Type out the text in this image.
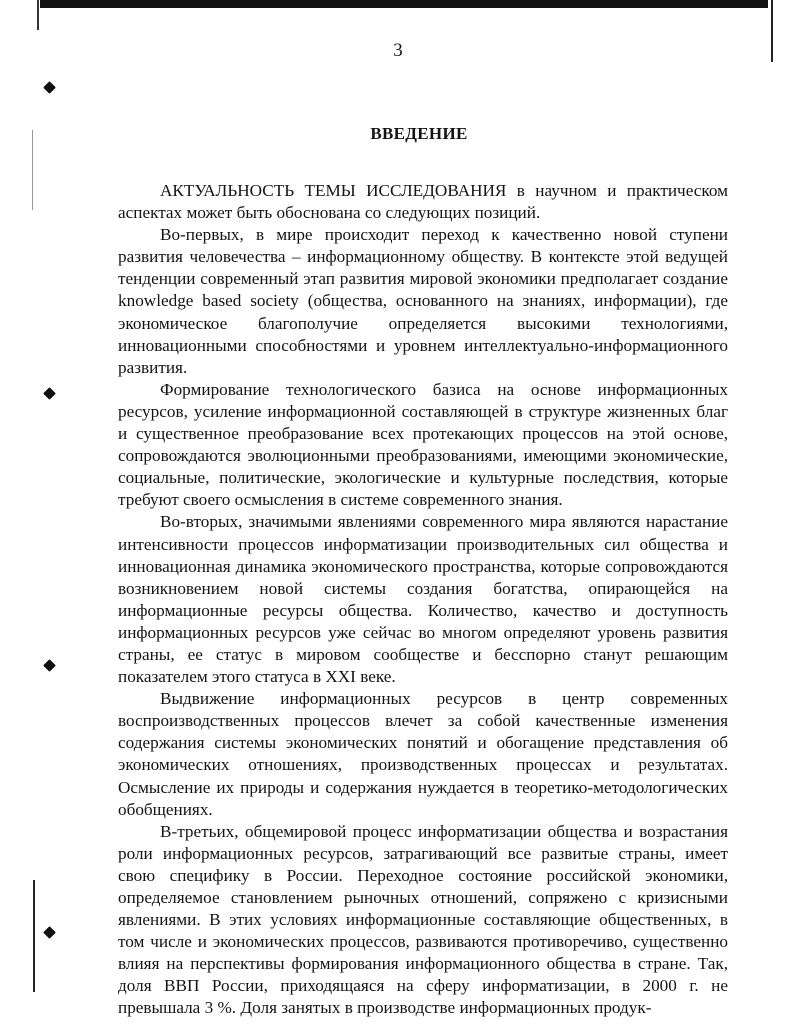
3
ВВЕДЕНИЕ

АКТУАЛЬНОСТЬ ТЕМЫ ИССЛЕДОВАНИЯ в научном и практическом аспектах может быть обоснована со следующих позиций.

Во-первых, в мире происходит переход к качественно новой ступени развития человечества – информационному обществу. В контексте этой ведущей тенденции современный этап развития мировой экономики предполагает создание knowledge based society (общества, основанного на знаниях, информации), где экономическое благополучие определяется высокими технологиями, инновационными способностями и уровнем интеллектуально-информационного развития.

Формирование технологического базиса на основе информационных ресурсов, усиление информационной составляющей в структуре жизненных благ и существенное преобразование всех протекающих процессов на этой основе, сопровождаются эволюционными преобразованиями, имеющими экономические, социальные, политические, экологические и культурные последствия, которые требуют своего осмысления в системе современного знания.

Во-вторых, значимыми явлениями современного мира являются нарастание интенсивности процессов информатизации производительных сил общества и инновационная динамика экономического пространства, которые сопровождаются возникновением новой системы создания богатства, опирающейся на информационные ресурсы общества. Количество, качество и доступность информационных ресурсов уже сейчас во многом определяют уровень развития страны, ее статус в мировом сообществе и бесспорно станут решающим показателем этого статуса в XXI веке.

Выдвижение информационных ресурсов в центр современных воспроизводственных процессов влечет за собой качественные изменения содержания системы экономических понятий и обогащение представления об экономических отношениях, производственных процессах и результатах. Осмысление их природы и содержания нуждается в теоретико-методологических обобщениях.

В-третьих, общемировой процесс информатизации общества и возрастания роли информационных ресурсов, затрагивающий все развитые страны, имеет свою специфику в России. Переходное состояние российской экономики, определяемое становлением рыночных отношений, сопряжено с кризисными явлениями. В этих условиях информационные составляющие общественных, в том числе и экономических процессов, развиваются противоречиво, существенно влияя на перспективы формирования информационного общества в стране. Так, доля ВВП России, приходящаяся на сферу информатизации, в 2000 г. не превышала 3 %. Доля занятых в производстве информационных продук-
